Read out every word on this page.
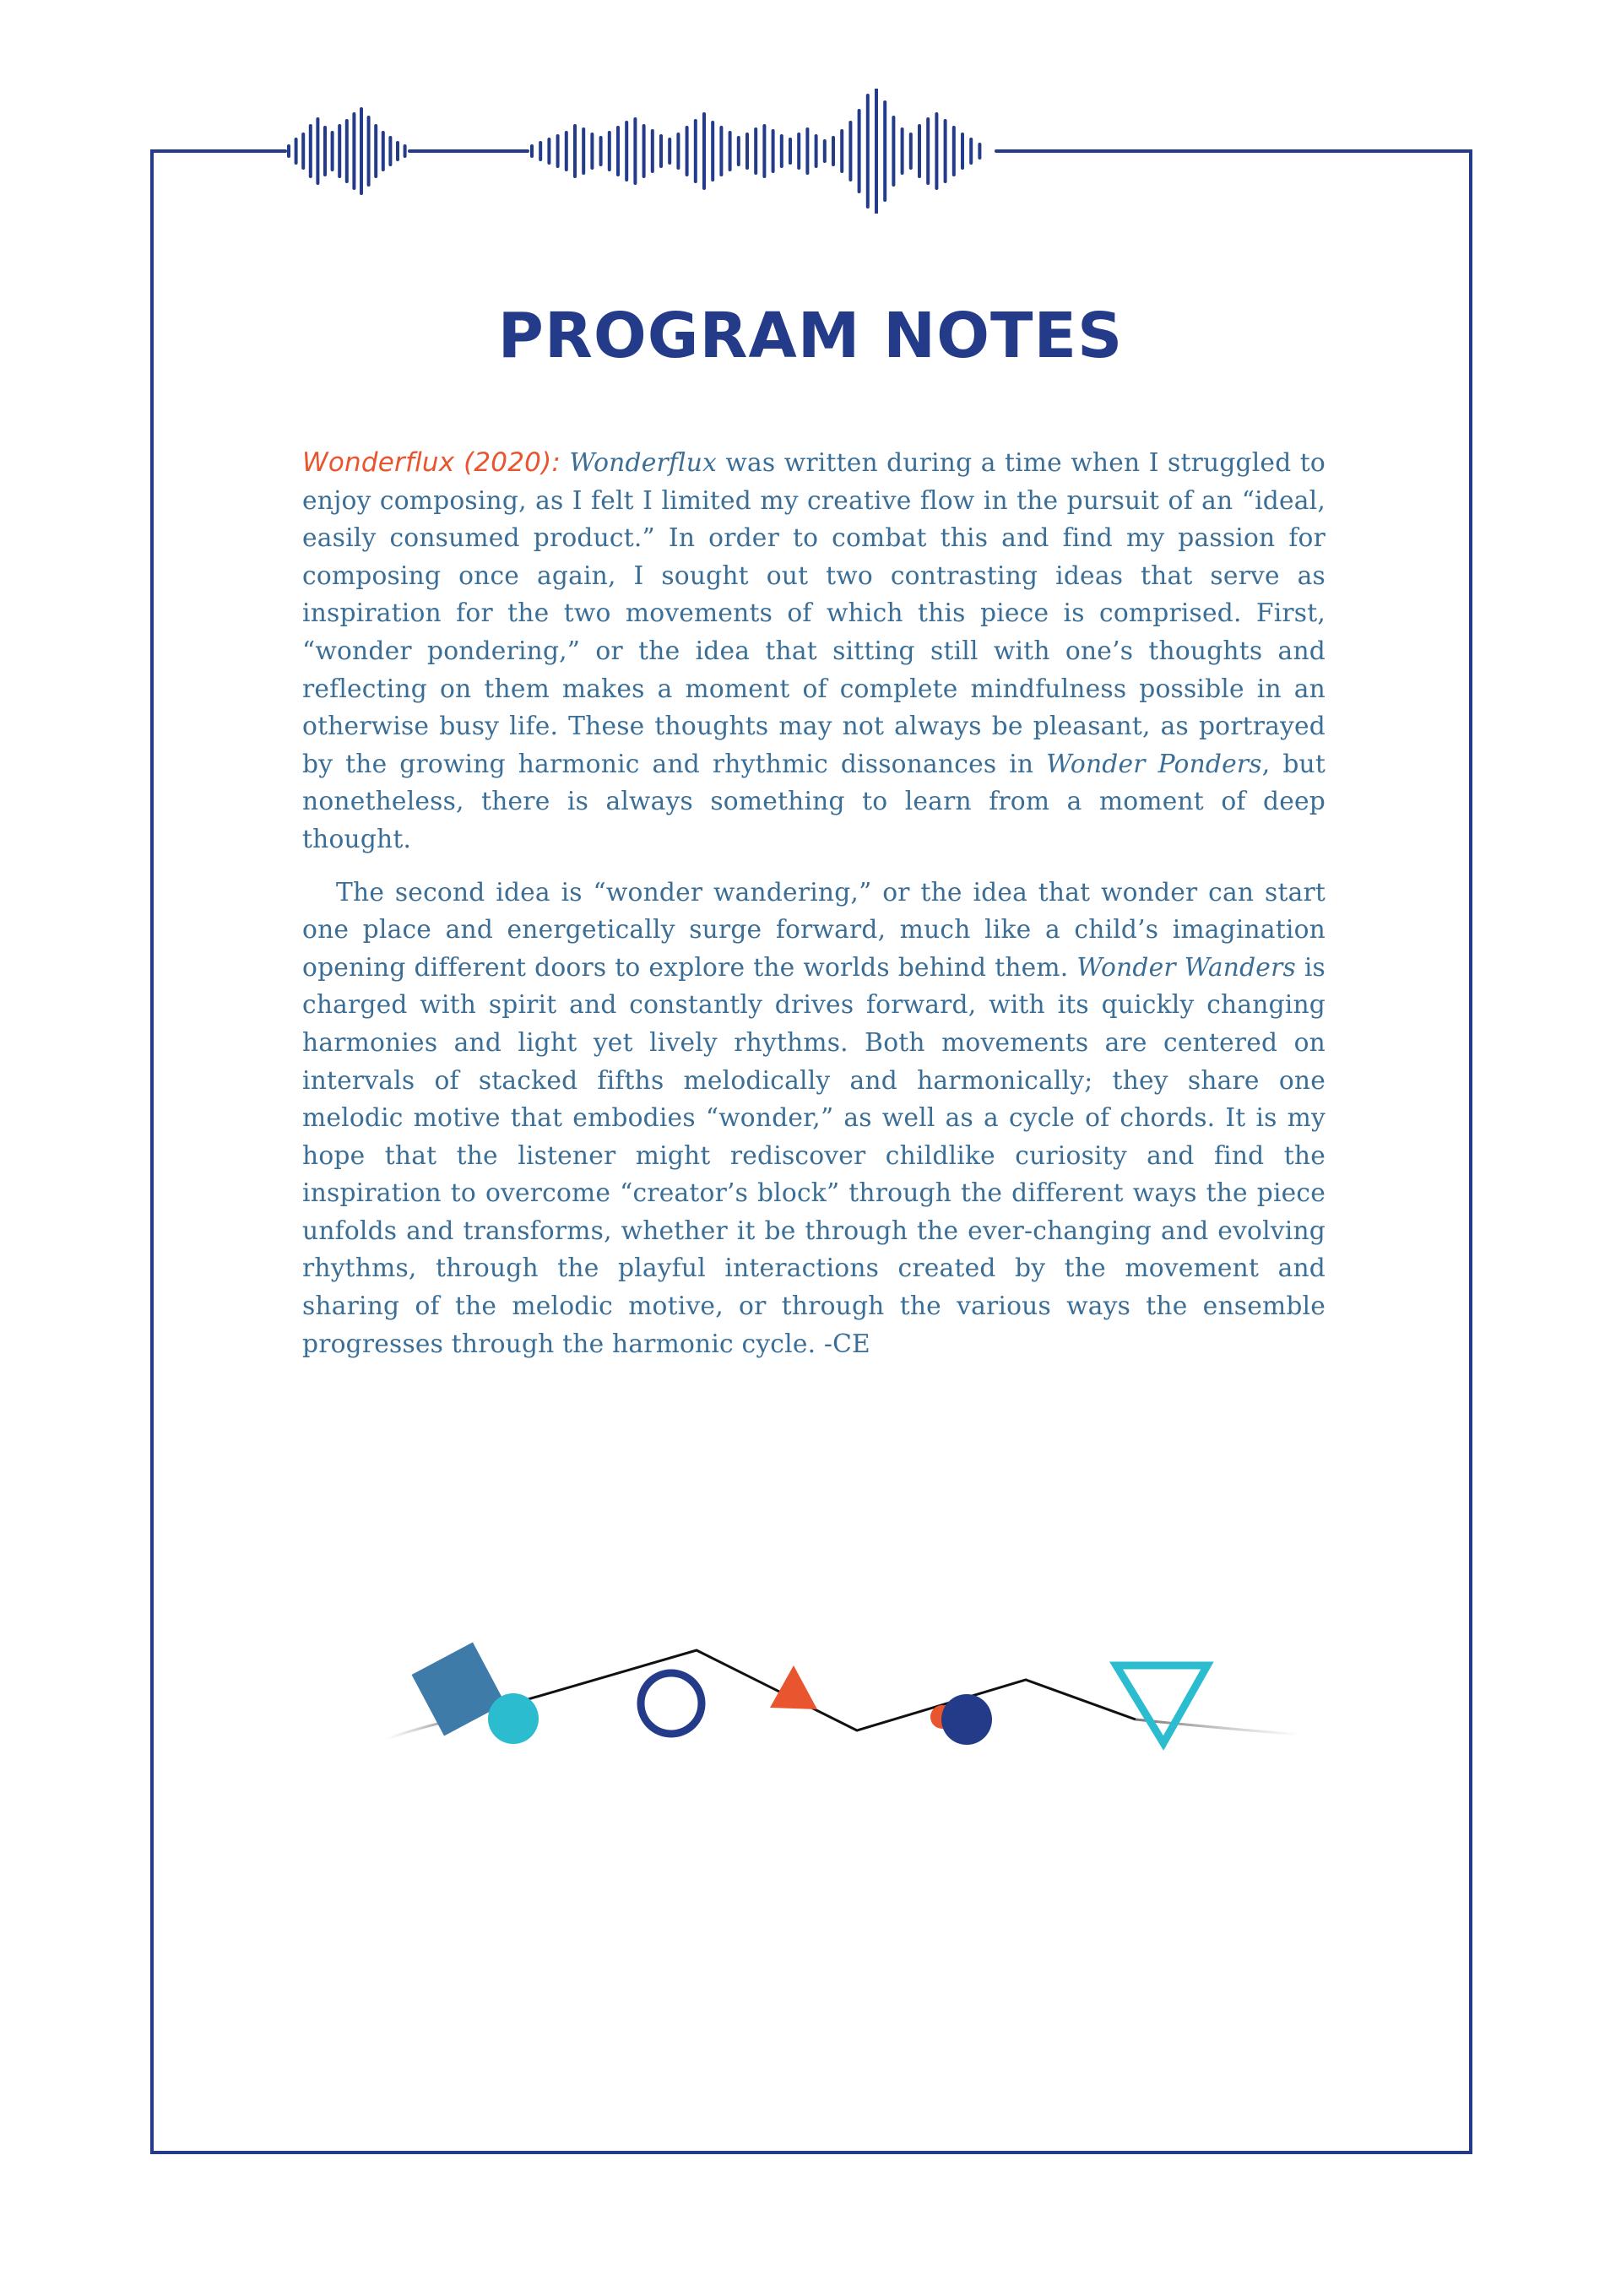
PROGRAM NOTES

Wonderflux (2020): Wonderflux was written during a time when I struggled to enjoy composing, as I felt I limited my creative flow in the pursuit of an “ideal, easily consumed product.” In order to combat this and find my passion for composing once again, I sought out two contrasting ideas that serve as inspiration for the two movements of which this piece is comprised. First, “wonder pondering,” or the idea that sitting still with one’s thoughts and reflecting on them makes a moment of complete mindfulness possible in an otherwise busy life. These thoughts may not always be pleasant, as portrayed by the growing harmonic and rhythmic dissonances in Wonder Ponders, but nonetheless, there is always something to learn from a moment of deep thought.

The second idea is “wonder wandering,” or the idea that wonder can start one place and energetically surge forward, much like a child’s imagination opening different doors to explore the worlds behind them. Wonder Wanders is charged with spirit and constantly drives forward, with its quickly changing harmonies and light yet lively rhythms. Both movements are centered on intervals of stacked fifths melodically and harmonically; they share one melodic motive that embodies “wonder,” as well as a cycle of chords. It is my hope that the listener might rediscover childlike curiosity and find the inspiration to overcome “creator’s block” through the different ways the piece unfolds and transforms, whether it be through the ever-changing and evolving rhythms, through the playful interactions created by the movement and sharing of the melodic motive, or through the various ways the ensemble progresses through the harmonic cycle. -CE
